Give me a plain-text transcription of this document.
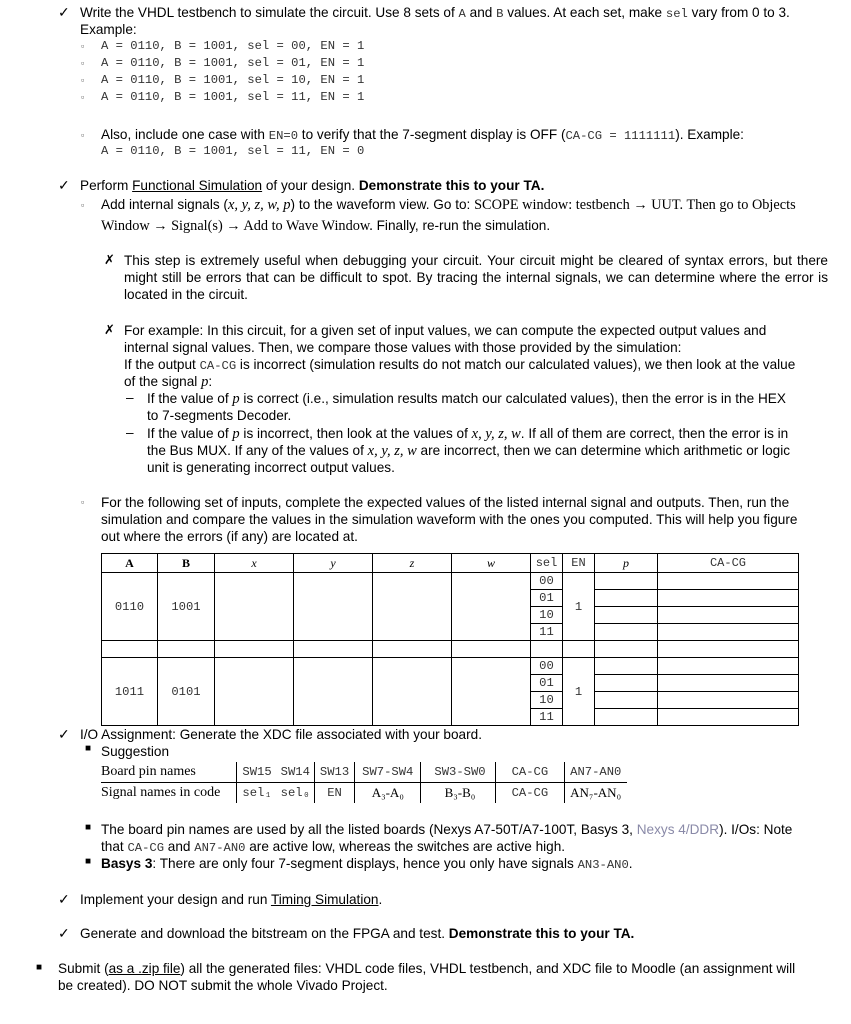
✓ Write the VHDL testbench to simulate the circuit. Use 8 sets of A and B values. At each set, make sel vary from 0 to 3.
Example:
▫ A = 0110, B = 1001, sel = 00, EN = 1
▫ A = 0110, B = 1001, sel = 01, EN = 1
▫ A = 0110, B = 1001, sel = 10, EN = 1
▫ A = 0110, B = 1001, sel = 11, EN = 1
▫ Also, include one case with EN=0 to verify that the 7-segment display is OFF (CA-CG = 1111111). Example:
A = 0110, B = 1001, sel = 11, EN = 0
✓ Perform Functional Simulation of your design. Demonstrate this to your TA.
▫ Add internal signals (x, y, z, w, p) to the waveform view. Go to: SCOPE window: testbench → UUT. Then go to Objects
Window → Signal(s) → Add to Wave Window. Finally, re-run the simulation.
✗ This step is extremely useful when debugging your circuit. Your circuit might be cleared of syntax errors, but there might still be errors that can be difficult to spot. By tracing the internal signals, we can determine where the error is located in the circuit.
✗ For example: In this circuit, for a given set of input values, we can compute the expected output values and
internal signal values. Then, we compare those values with those provided by the simulation:
If the output CA-CG is incorrect (simulation results do not match our calculated values), we then look at the value
of the signal p:
– If the value of p is correct (i.e., simulation results match our calculated values), then the error is in the HEX
to 7-segments Decoder.
– If the value of p is incorrect, then look at the values of x, y, z, w. If all of them are correct, then the error is in
the Bus MUX. If any of the values of x, y, z, w are incorrect, then we can determine which arithmetic or logic
unit is generating incorrect output values.
▫ For the following set of inputs, complete the expected values of the listed internal signal and outputs. Then, run the
simulation and compare the values in the simulation waveform with the ones you computed. This will help you figure
out where the errors (if any) are located at.
A	B	x	y	z	w	sel	EN	p	CA-CG
0110	1001					00	1		
						01			
						10			
						11			

1011	0101					00	1		
						01			
						10			
						11			
✓ I/O Assignment: Generate the XDC file associated with your board.
■ Suggestion
Board pin names	SW15	SW14	SW13	SW7-SW4	SW3-SW0	CA-CG	AN7-AN0
Signal names in code	sel₁	sel₀	EN	A₃-A₀	B₃-B₀	CA-CG	AN₇-AN₀
■ The board pin names are used by all the listed boards (Nexys A7-50T/A7-100T, Basys 3, Nexys 4/DDR). I/Os: Note
that CA-CG and AN7-AN0 are active low, whereas the switches are active high.
■ Basys 3: There are only four 7-segment displays, hence you only have signals AN3-AN0.
✓ Implement your design and run Timing Simulation.
✓ Generate and download the bitstream on the FPGA and test. Demonstrate this to your TA.
■ Submit (as a .zip file) all the generated files: VHDL code files, VHDL testbench, and XDC file to Moodle (an assignment will
be created). DO NOT submit the whole Vivado Project.
